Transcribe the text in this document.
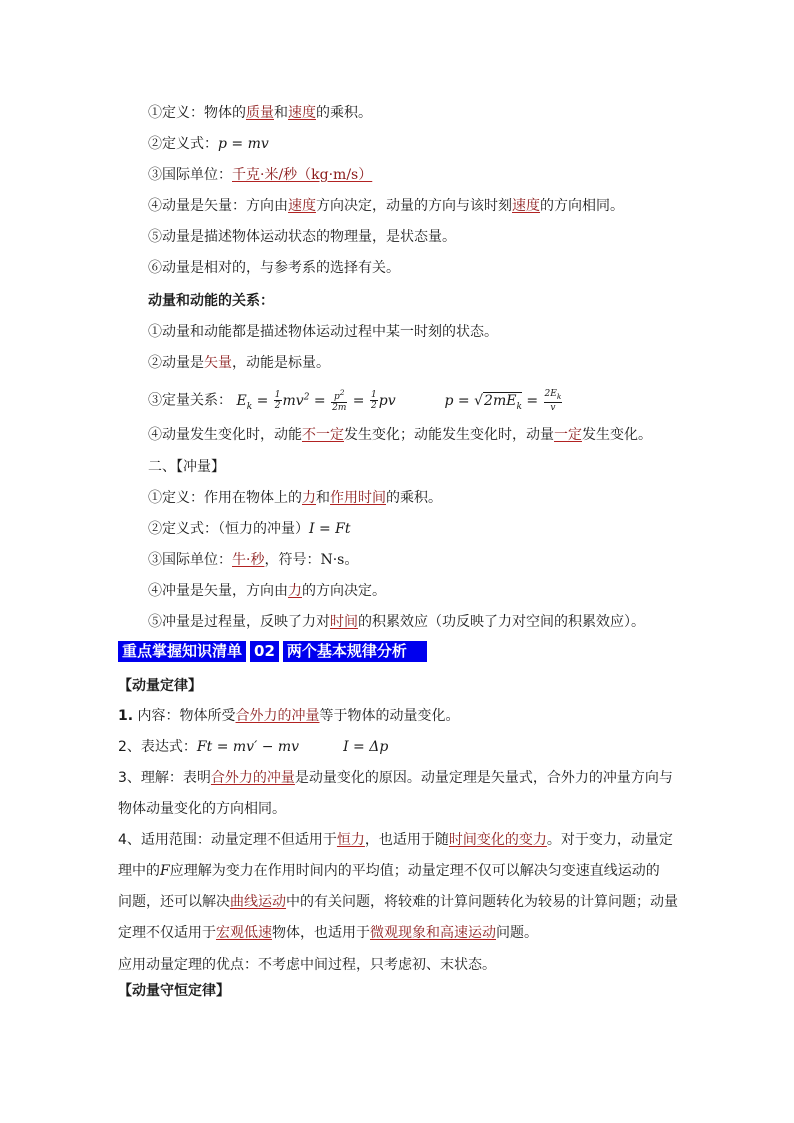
①定义：物体的质量和速度的乘积。
②定义式：p = mv
③国际单位：千克·米/秒（kg·m/s）
④动量是矢量：方向由速度方向决定，动量的方向与该时刻速度的方向相同。
⑤动量是描述物体运动状态的物理量，是状态量。
⑥动量是相对的，与参考系的选择有关。
动量和动能的关系：
①动量和动能都是描述物体运动过程中某一时刻的状态。
②动量是矢量，动能是标量。
③定量关系： $E_k = \frac{1}{2} mv^2 = \frac{p^2}{2m} = \frac{1}{2}$ pv	$p = √2mE_k = \frac{2E_k}{v}$
④动量发生变化时，动能不一定发生变化；动能发生变化时，动量一定发生变化。
二、【冲量】
①定义：作用在物体上的力和作用时间的乘积。
②定义式：（恒力的冲量）I = Ft
③国际单位：牛·秒，符号：N·s。
④冲量是矢量，方向由力的方向决定。
⑤冲量是过程量，反映了力对时间的积累效应（功反映了力对空间的积累效应）。
重点掌握知识清单 02 两个基本规律分析
【动量定律】
1. 内容：物体所受合外力的冲量等于物体的动量变化。
2、表达式：Ft = mv′ − mv	I = Δp
3、理解：表明合外力的冲量是动量变化的原因。动量定理是矢量式，合外力的冲量方向与
物体动量变化的方向相同。
4、适用范围：动量定理不但适用于恒力，也适用于随时间变化的变力。对于变力，动量定
理中的F应理解为变力在作用时间内的平均值；动量定理不仅可以解决匀变速直线运动的
问题，还可以解决曲线运动中的有关问题，将较难的计算问题转化为较易的计算问题；动量
定理不仅适用于宏观低速物体，也适用于微观现象和高速运动问题。
应用动量定理的优点：不考虑中间过程，只考虑初、末状态。
【动量守恒定律】
